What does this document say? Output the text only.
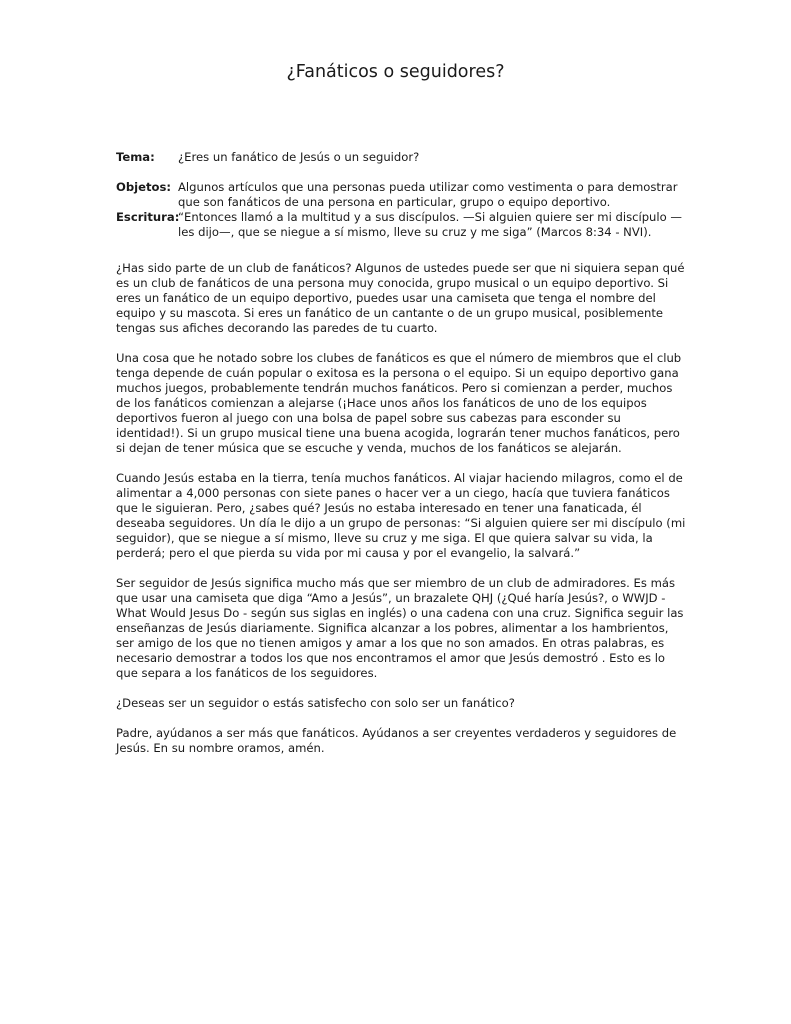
¿Fanáticos o seguidores?
Tema:	¿Eres un fanático de Jesús o un seguidor?
Objetos: Algunos artículos que una personas pueda utilizar como vestimenta o para demostrar que son fanáticos de una persona en particular, grupo o equipo deportivo.
Escritura:
“Entonces llamó a la multitud y a sus discípulos. —Si alguien quiere ser mi discípulo —les dijo—, que se niegue a sí mismo, lleve su cruz y me siga” (Marcos 8:34 - NVI).

¿Has sido parte de un club de fanáticos? Algunos de ustedes puede ser que ni siquiera sepan qué es un club de fanáticos de una persona muy conocida, grupo musical o un equipo deportivo. Si eres un fanático de un equipo deportivo, puedes usar una camiseta que tenga el nombre del equipo y su mascota. Si eres un fanático de un cantante o de un grupo musical, posiblemente tengas sus afiches decorando las paredes de tu cuarto.

Una cosa que he notado sobre los clubes de fanáticos es que el número de miembros que el club tenga depende de cuán popular o exitosa es la persona o el equipo. Si un equipo deportivo gana muchos juegos, probablemente tendrán muchos fanáticos. Pero si comienzan a perder, muchos de los fanáticos comienzan a alejarse (¡Hace unos años los fanáticos de uno de los equipos deportivos fueron al juego con una bolsa de papel sobre sus cabezas para esconder su identidad!). Si un grupo musical tiene una buena acogida, lograrán tener muchos fanáticos, pero si dejan de tener música que se escuche y venda, muchos de los fanáticos se alejarán.

Cuando Jesús estaba en la tierra, tenía muchos fanáticos. Al viajar haciendo milagros, como el de alimentar a 4,000 personas con siete panes o hacer ver a un ciego, hacía que tuviera fanáticos que le siguieran. Pero, ¿sabes qué? Jesús no estaba interesado en tener una fanaticada, él deseaba seguidores. Un día le dijo a un grupo de personas: “Si alguien quiere ser mi discípulo (mi seguidor), que se niegue a sí mismo, lleve su cruz y me siga. El que quiera salvar su vida, la perderá; pero el que pierda su vida por mi causa y por el evangelio, la salvará.”

Ser seguidor de Jesús significa mucho más que ser miembro de un club de admiradores. Es más que usar una camiseta que diga “Amo a Jesús”, un brazalete QHJ (¿Qué haría Jesús?, o WWJD - What Would Jesus Do - según sus siglas en inglés) o una cadena con una cruz. Significa seguir las enseñanzas de Jesús diariamente. Significa alcanzar a los pobres, alimentar a los hambrientos, ser amigo de los que no tienen amigos y amar a los que no son amados. En otras palabras, es necesario demostrar a todos los que nos encontramos el amor que Jesús demostró . Esto es lo que separa a los fanáticos de los seguidores.

¿Deseas ser un seguidor o estás satisfecho con solo ser un fanático?

Padre, ayúdanos a ser más que fanáticos. Ayúdanos a ser creyentes verdaderos y seguidores de Jesús. En su nombre oramos, amén.
